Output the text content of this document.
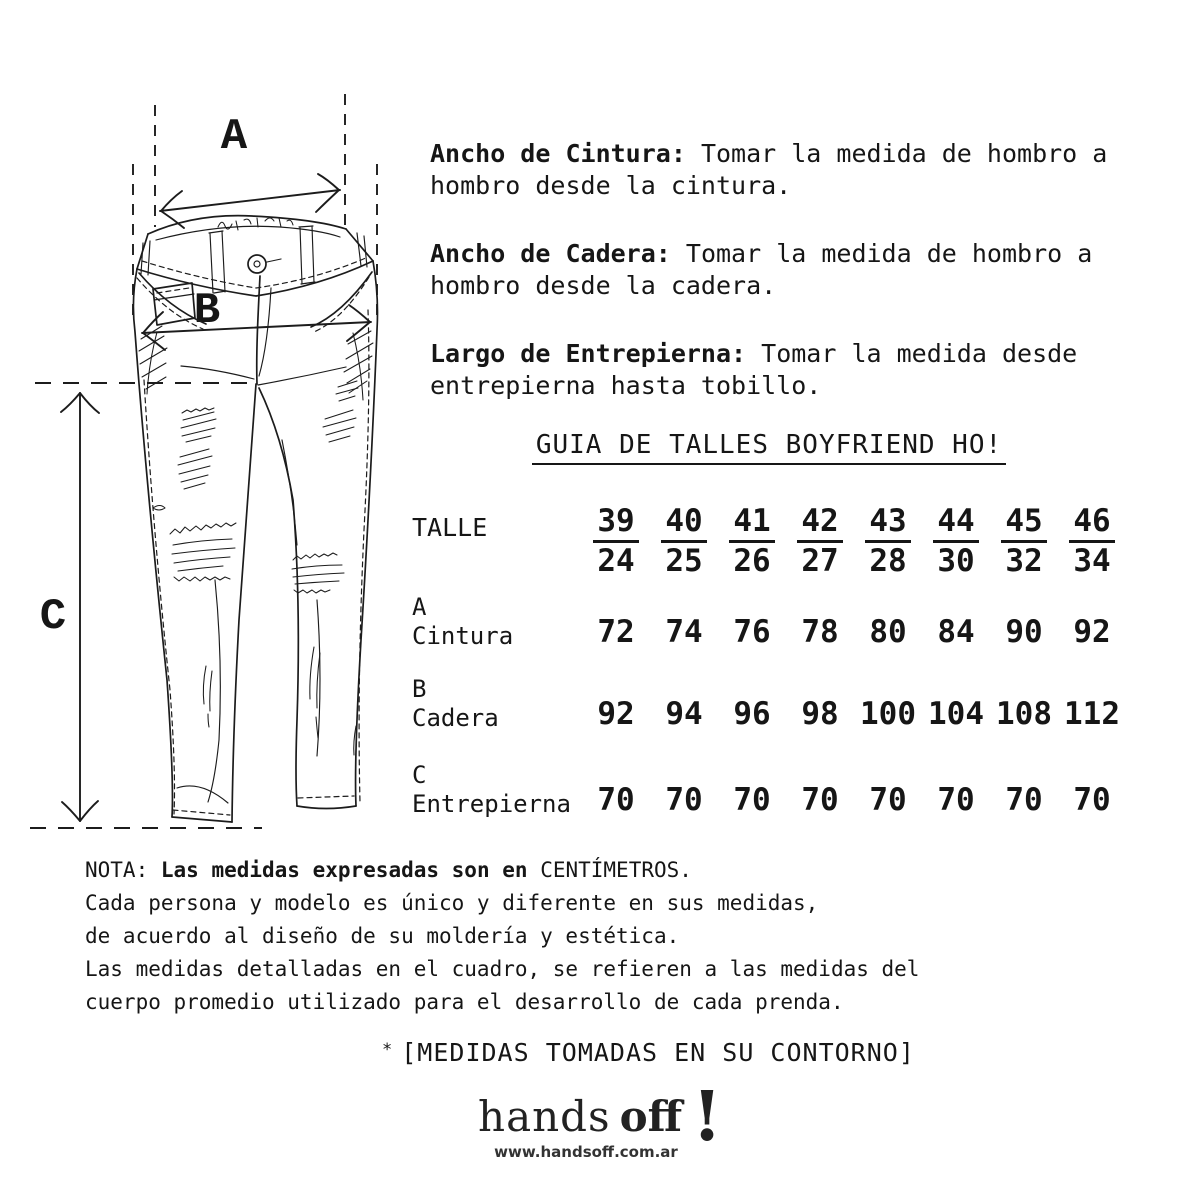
A
B
C

Ancho de Cintura: Tomar la medida de hombro a
hombro desde la cintura.

Ancho de Cadera: Tomar la medida de hombro a
hombro desde la cadera.

Largo de Entrepierna: Tomar la medida desde
entrepierna hasta tobillo.

GUIA DE TALLES BOYFRIEND HO!
TALLE	$\frac{39}{24} \frac{40}{25} \frac{41}{26} \frac{42}{27} \frac{43}{28} \frac{44}{30} \frac{45}{32} \frac{46}{34}$
A
Cintura	72 74 76 78 80 84 90 92
B
Cadera	92 94 96 98 100 104 108 112
C
Entrepierna 70 70 70 70 70 70 70 70
NOTA: Las medidas expresadas son en CENTÍMETROS.
Cada persona y modelo es único y diferente en sus medidas,
de acuerdo al diseño de su moldería y estética.
Las medidas detalladas en el cuadro, se refieren a las medidas del
cuerpo promedio utilizado para el desarrollo de cada prenda.
* [MEDIDAS TOMADAS EN SU CONTORNO]
hands off !
www.handsoff.com.ar
